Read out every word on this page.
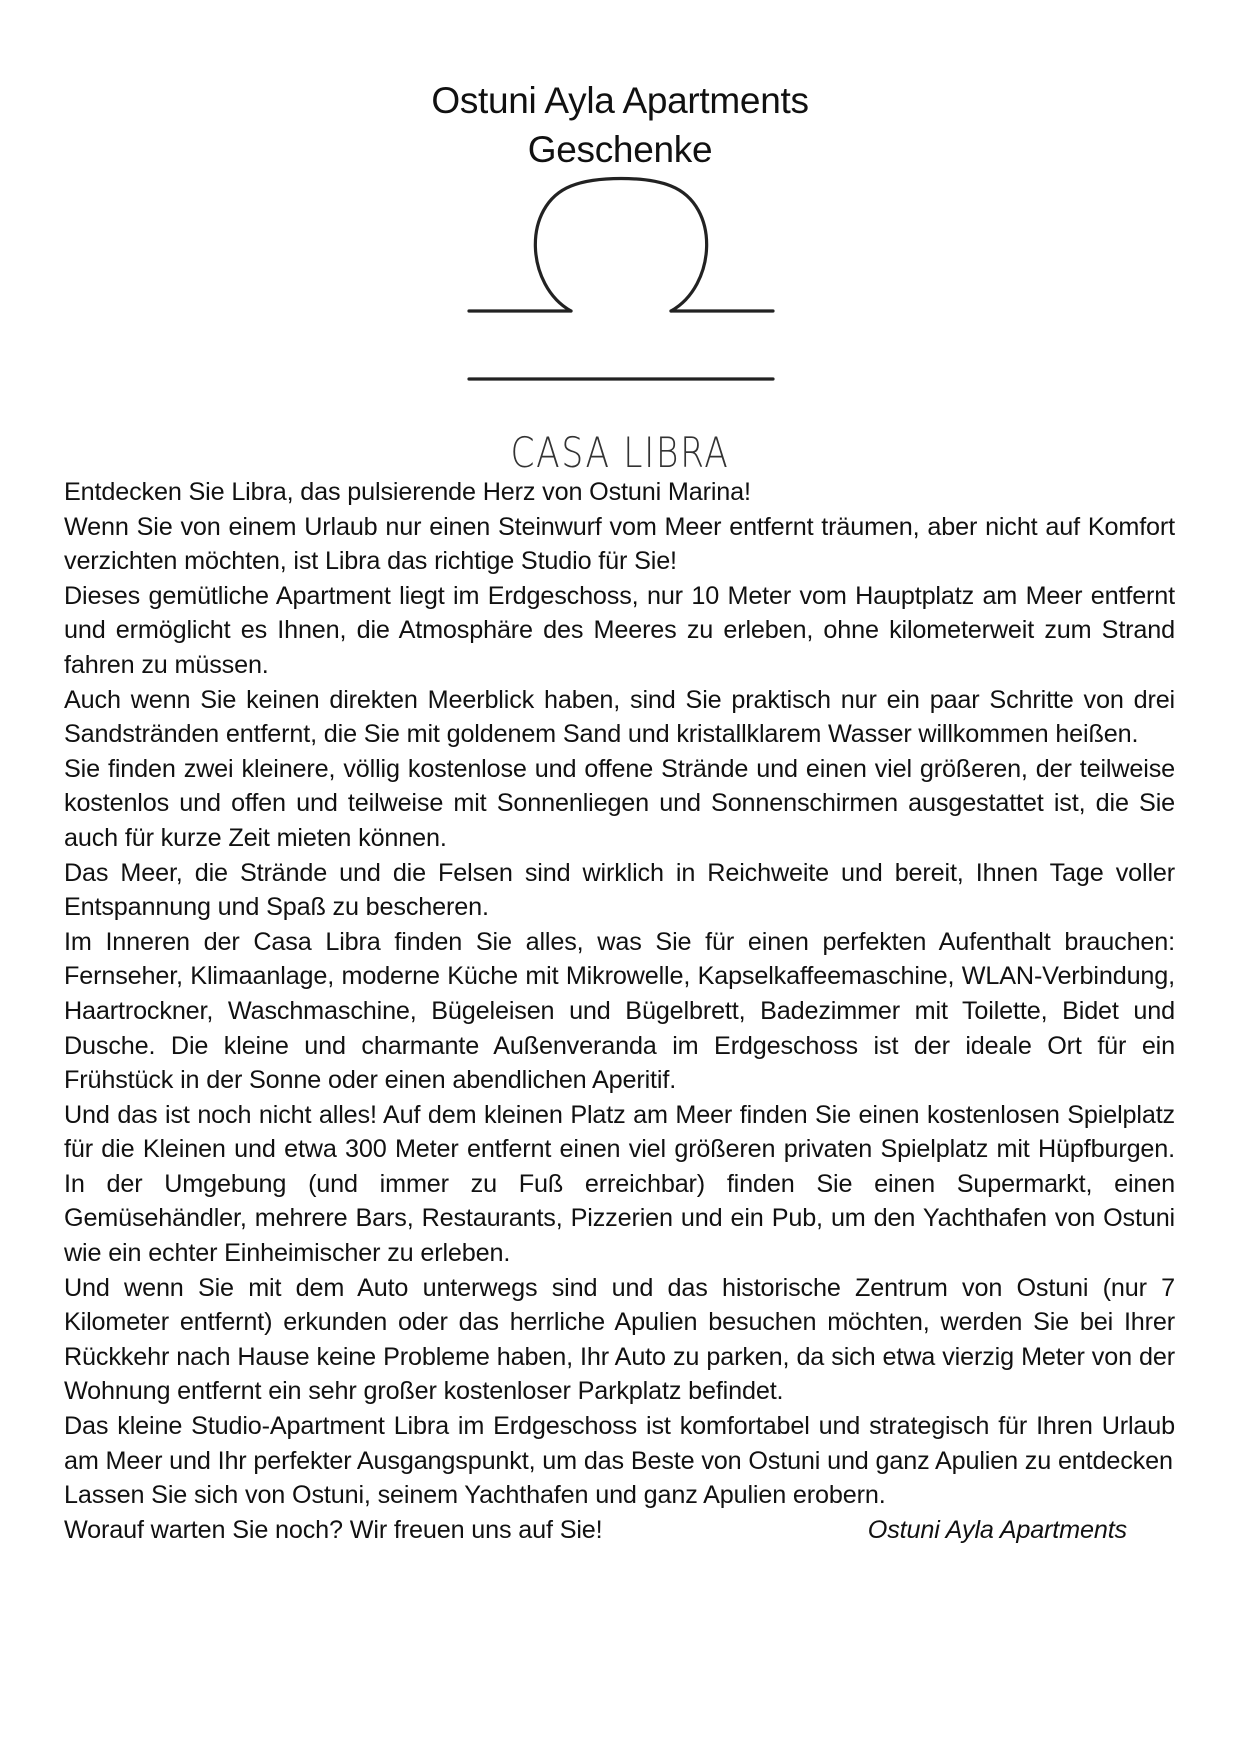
Ostuni Ayla Apartments
Geschenke
CASA LIBRA

Entdecken Sie Libra, das pulsierende Herz von Ostuni Marina!

Wenn Sie von einem Urlaub nur einen Steinwurf vom Meer entfernt träumen, aber nicht auf Komfort verzichten möchten, ist Libra das richtige Studio für Sie!

Dieses gemütliche Apartment liegt im Erdgeschoss, nur 10 Meter vom Hauptplatz am Meer entfernt und ermöglicht es Ihnen, die Atmosphäre des Meeres zu erleben, ohne kilometerweit zum Strand fahren zu müssen.

Auch wenn Sie keinen direkten Meerblick haben, sind Sie praktisch nur ein paar Schritte von drei Sandstränden entfernt, die Sie mit goldenem Sand und kristallklarem Wasser willkommen heißen.

Sie finden zwei kleinere, völlig kostenlose und offene Strände und einen viel größeren, der teilweise kostenlos und offen und teilweise mit Sonnenliegen und Sonnenschirmen ausgestattet ist, die Sie auch für kurze Zeit mieten können.

Das Meer, die Strände und die Felsen sind wirklich in Reichweite und bereit, Ihnen Tage voller Entspannung und Spaß zu bescheren.

Im Inneren der Casa Libra finden Sie alles, was Sie für einen perfekten Aufenthalt brauchen: Fernseher, Klimaanlage, moderne Küche mit Mikrowelle, Kapselkaffeemaschine, WLAN-Verbindung, Haartrockner, Waschmaschine, Bügeleisen und Bügelbrett, Badezimmer mit Toilette, Bidet und Dusche. Die kleine und charmante Außenveranda im Erdgeschoss ist der ideale Ort für ein Frühstück in der Sonne oder einen abendlichen Aperitif.

Und das ist noch nicht alles! Auf dem kleinen Platz am Meer finden Sie einen kostenlosen Spielplatz für die Kleinen und etwa 300 Meter entfernt einen viel größeren privaten Spielplatz mit Hüpfburgen. In der Umgebung (und immer zu Fuß erreichbar) finden Sie einen Supermarkt, einen Gemüsehändler, mehrere Bars, Restaurants, Pizzerien und ein Pub, um den Yachthafen von Ostuni wie ein echter Einheimischer zu erleben.

Und wenn Sie mit dem Auto unterwegs sind und das historische Zentrum von Ostuni (nur 7 Kilometer entfernt) erkunden oder das herrliche Apulien besuchen möchten, werden Sie bei Ihrer Rückkehr nach Hause keine Probleme haben, Ihr Auto zu parken, da sich etwa vierzig Meter von der Wohnung entfernt ein sehr großer kostenloser Parkplatz befindet.

Das kleine Studio-Apartment Libra im Erdgeschoss ist komfortabel und strategisch für Ihren Urlaub am Meer und Ihr perfekter Ausgangspunkt, um das Beste von Ostuni und ganz Apulien zu entdecken

Lassen Sie sich von Ostuni, seinem Yachthafen und ganz Apulien erobern.

Worauf warten Sie noch? Wir freuen uns auf Sie!	Ostuni Ayla Apartments
